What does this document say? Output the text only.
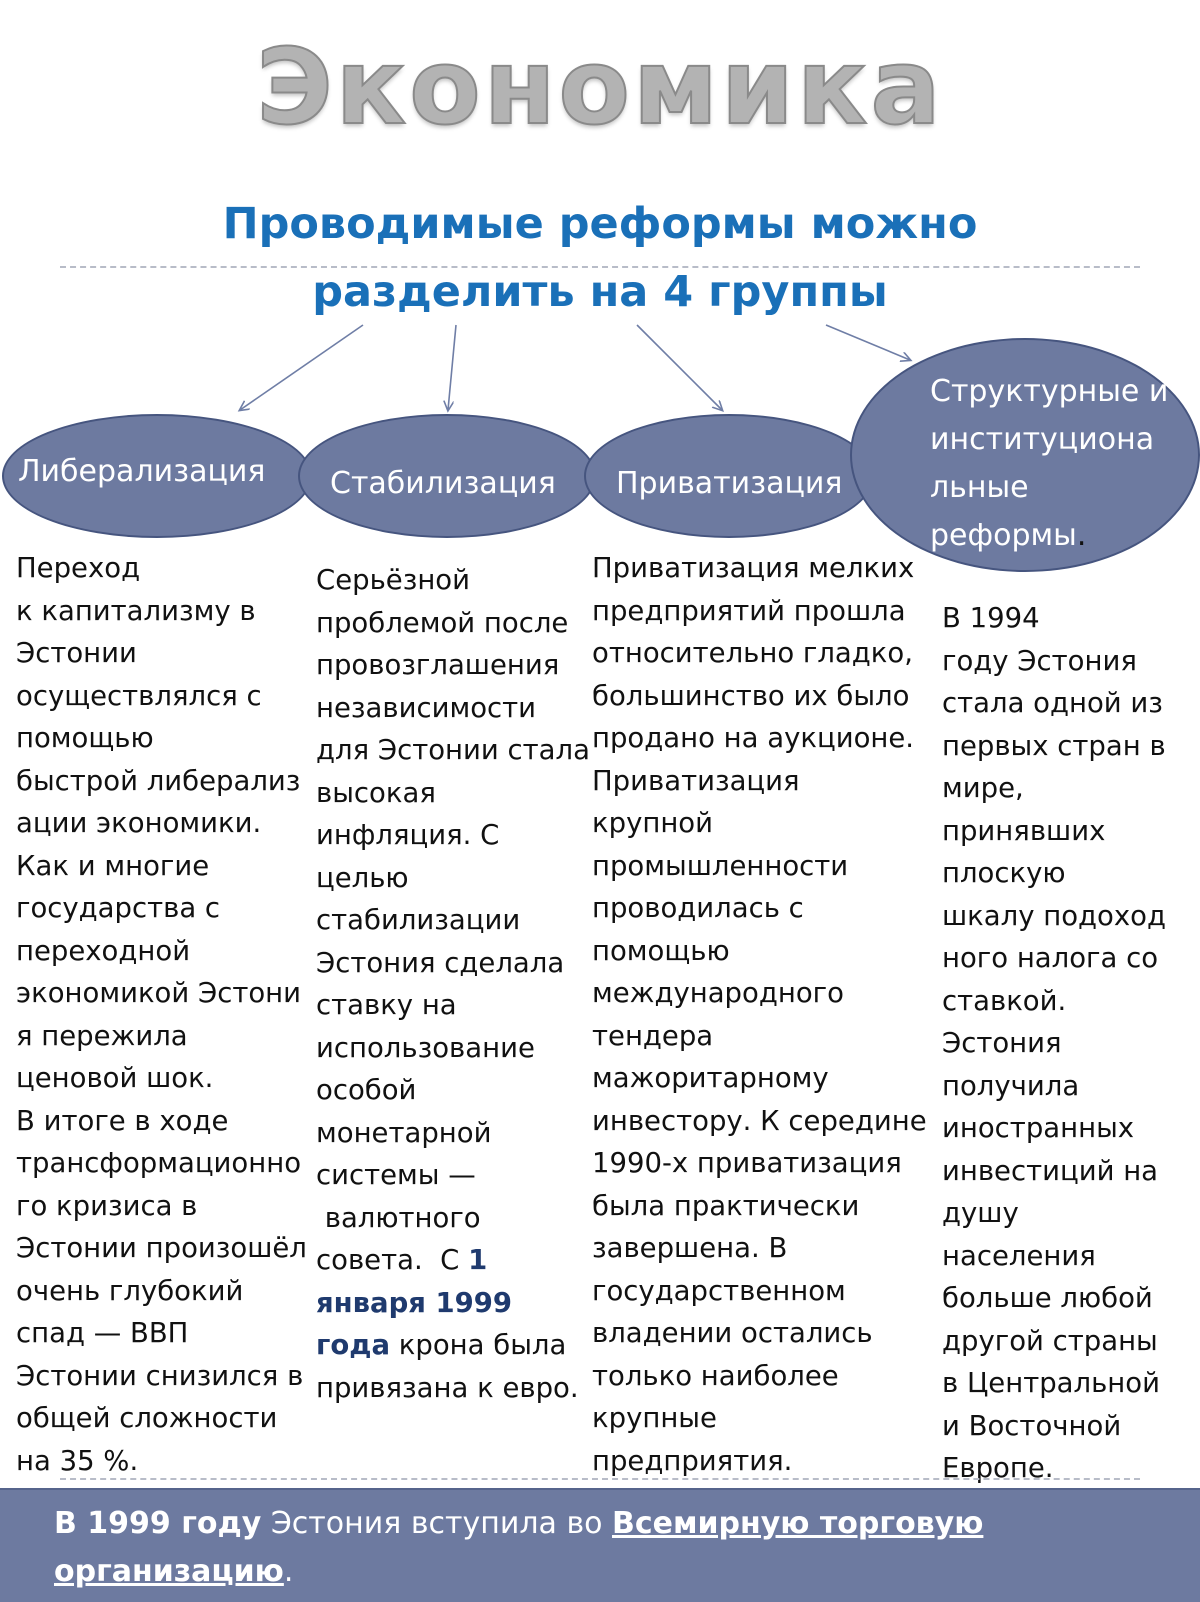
Экономика
Проводимые реформы можно
разделить на 4 группы
Либерализация Стабилизация Приватизация
Структурные и
институциона
льные
реформы.
Переход
к капитализму в
Эстонии
осуществлялся с
помощью
быстрой либерализ
ации экономики.
Как и многие
государства с
переходной
экономикой Эстони
я пережила
ценовой шок.
В итоге в ходе
трансформационно
го кризиса в
Эстонии произошёл
очень глубокий
спад — ВВП
Эстонии снизился в
общей сложности
на 35 %.
Серьёзной
проблемой после
провозглашения
независимости
для Эстонии стала
высокая
инфляция. С
целью
стабилизации
Эстония сделала
ставку на
использование
особой
монетарной
системы —
валютного
совета.  С 1
января 1999
года крона была
привязана к евро.
Приватизация мелких
предприятий прошла
относительно гладко,
большинство их было
продано на аукционе.
Приватизация
крупной
промышленности
проводилась с
помощью
международного
тендера
мажоритарному
инвестору. К середине
1990-х приватизация
была практически
завершена. В
государственном
владении остались
только наиболее
крупные
предприятия.
В 1994
году Эстония
стала одной из
первых стран в
мире,
принявших
плоскую
шкалу подоход
ного налога со
ставкой.
Эстония
получила
иностранных
инвестиций на
душу
населения
больше любой
другой страны
в Центральной
и Восточной
Европе.
В 1999 году Эстония вступила во Всемирную торговую
организацию.
